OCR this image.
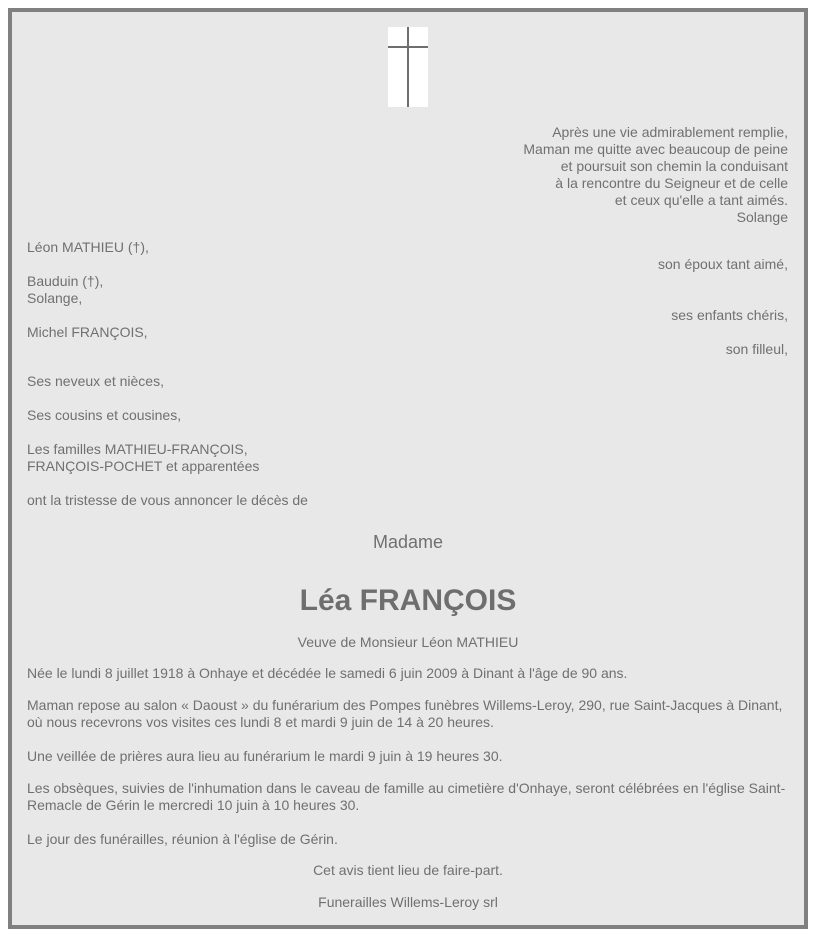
Après une vie admirablement remplie,
Maman me quitte avec beaucoup de peine
et poursuit son chemin la conduisant
à la rencontre du Seigneur et de celle
et ceux qu'elle a tant aimés.
Solange
Léon MATHIEU (†),
son époux tant aimé,
Bauduin (†),
Solange,
ses enfants chéris,
Michel FRANÇOIS,
son filleul,
Ses neveux et nièces,
Ses cousins et cousines,
Les familles MATHIEU-FRANÇOIS,
FRANÇOIS-POCHET et apparentées
ont la tristesse de vous annoncer le décès de
Madame
Léa FRANÇOIS
Veuve de Monsieur Léon MATHIEU
Née le lundi 8 juillet 1918 à Onhaye et décédée le samedi 6 juin 2009 à Dinant à l'âge de 90 ans.
Maman repose au salon « Daoust » du funérarium des Pompes funèbres Willems-Leroy, 290, rue Saint-Jacques à Dinant, où nous recevrons vos visites ces lundi 8 et mardi 9 juin de 14 à 20 heures.
Une veillée de prières aura lieu au funérarium le mardi 9 juin à 19 heures 30.
Les obsèques, suivies de l'inhumation dans le caveau de famille au cimetière d'Onhaye, seront célébrées en l'église Saint-Remacle de Gérin le mercredi 10 juin à 10 heures 30.
Le jour des funérailles, réunion à l'église de Gérin.
Cet avis tient lieu de faire-part.
Funerailles Willems-Leroy srl
